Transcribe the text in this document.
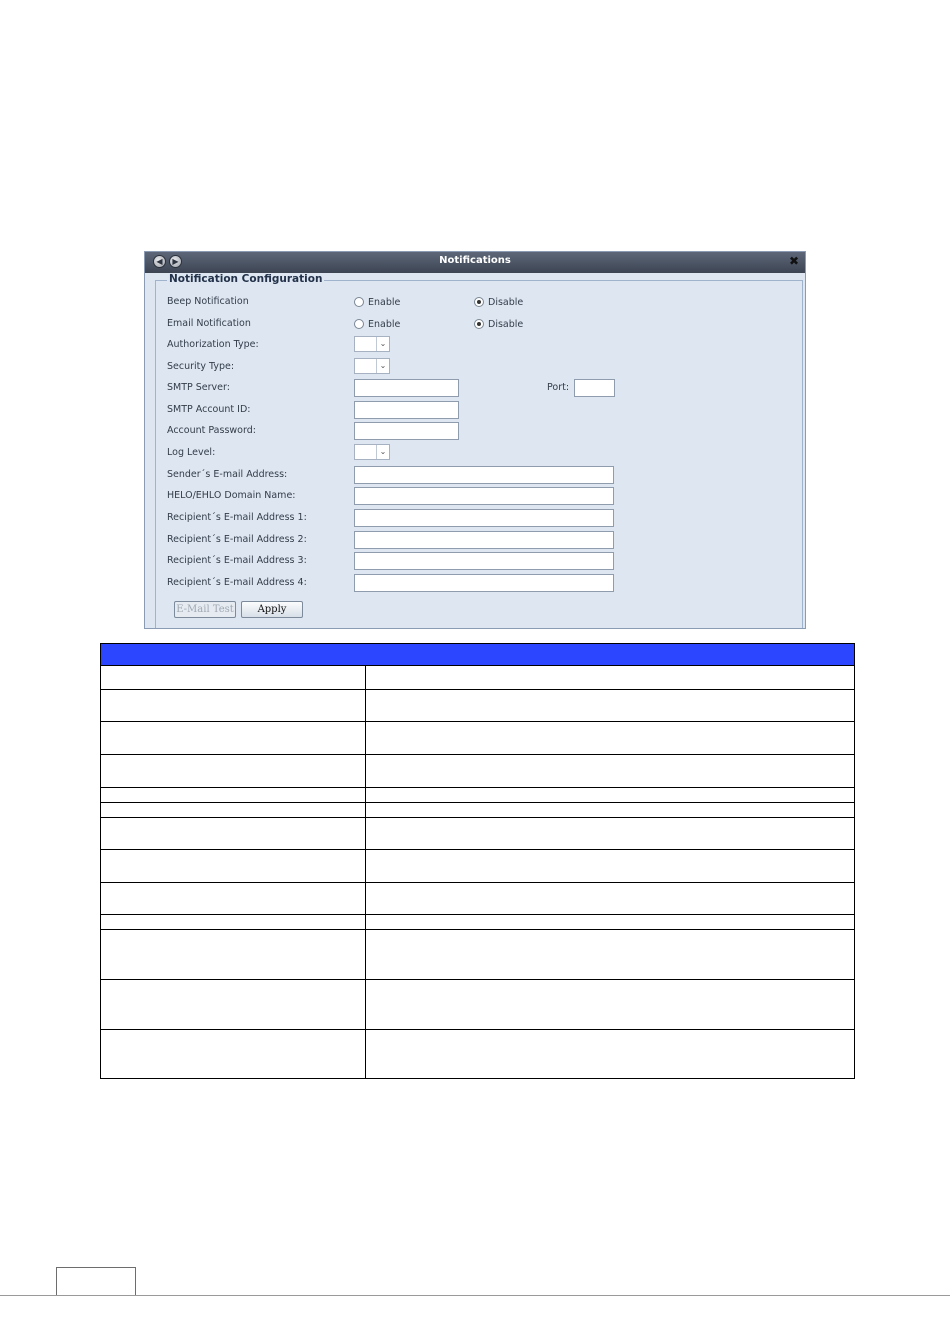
◀	▶	Notifications	✖
Notification Configuration
Beep Notification	Enable	Disable
Email Notification	Enable	Disable
Authorization Type:	⌄
Security Type:	⌄
SMTP Server:	Port:
SMTP Account ID:
Account Password:
Log Level:	⌄
Sender´s E-mail Address:
HELO/EHLO Domain Name:
Recipient´s E-mail Address 1:
Recipient´s E-mail Address 2:
Recipient´s E-mail Address 3:
Recipient´s E-mail Address 4:
E-Mail Test	Apply
